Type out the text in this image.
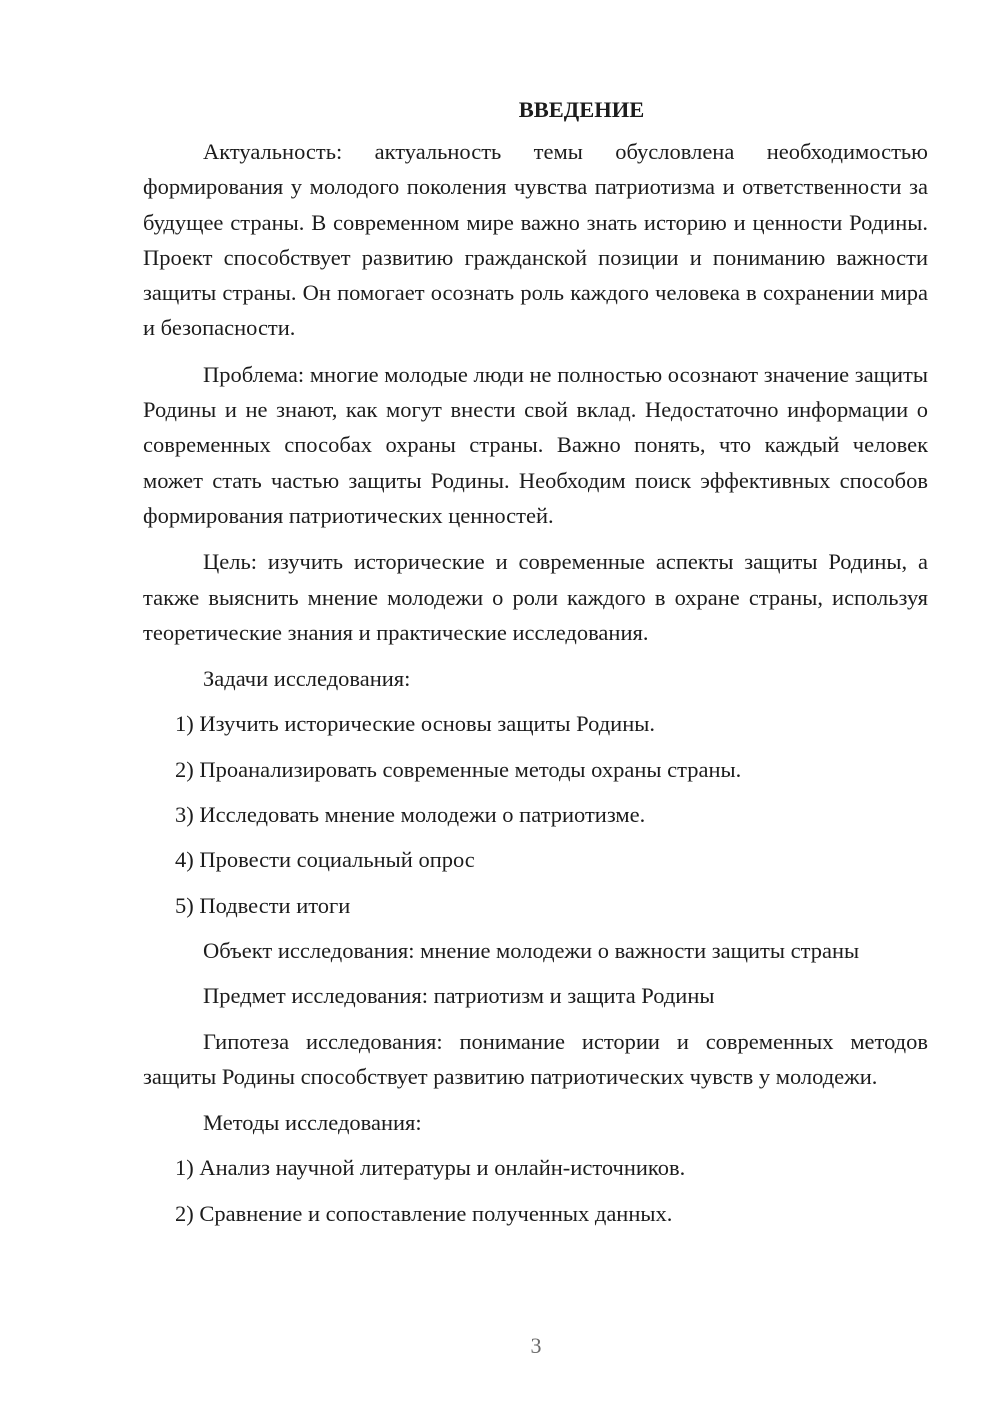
ВВЕДЕНИЕ

Актуальность: актуальность темы обусловлена необходимостью формирования у молодого поколения чувства патриотизма и ответственности за будущее страны. В современном мире важно знать историю и ценности Родины. Проект способствует развитию гражданской позиции и пониманию важности защиты страны. Он помогает осознать роль каждого человека в сохранении мира и безопасности.

Проблема: многие молодые люди не полностью осознают значение защиты Родины и не знают, как могут внести свой вклад. Недостаточно информации о современных способах охраны страны. Важно понять, что каждый человек может стать частью защиты Родины. Необходим поиск эффективных способов формирования патриотических ценностей.

Цель: изучить исторические и современные аспекты защиты Родины, а также выяснить мнение молодежи о роли каждого в охране страны, используя теоретические знания и практические исследования.

Задачи исследования:

1) Изучить исторические основы защиты Родины.

2) Проанализировать современные методы охраны страны.

3) Исследовать мнение молодежи о патриотизме.

4) Провести социальный опрос

5) Подвести итоги

Объект исследования: мнение молодежи о важности защиты страны

Предмет исследования: патриотизм и защита Родины

Гипотеза исследования: понимание истории и современных методов защиты Родины способствует развитию патриотических чувств у молодежи.

Методы исследования:

1) Анализ научной литературы и онлайн-источников.

2) Сравнение и сопоставление полученных данных.

3
